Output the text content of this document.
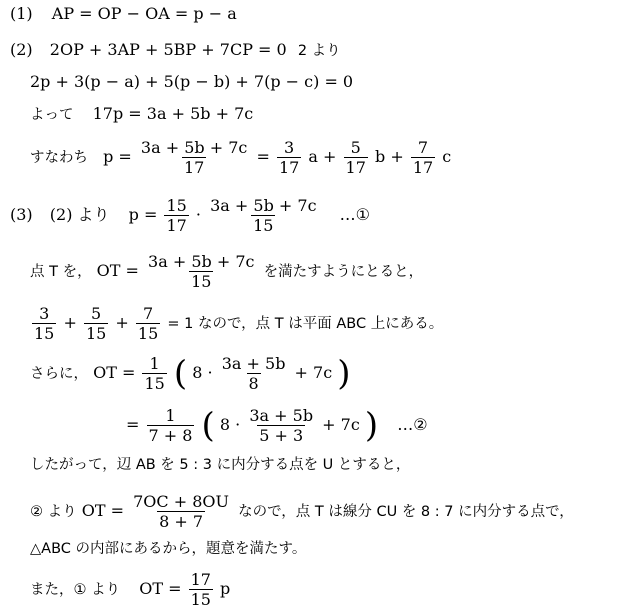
(1) AP = OP − OA = p − a
(2) 2OP + 3AP + 5BP + 7CP = 0 2 より
2p + 3(p − a) + 5(p − b) + 7(p − c) = 0
よって 17p = 3a + 5b + 7c
すなわち $p = \frac{3a + 5b + 7c}{17} = \frac{3}{17}$ $a + \frac{5}{17}$ $b + \frac{7}{17}$ c
(3) (2) より $p = \frac{15}{17} \cdot \frac{3a + 5b + 7c}{15}$ …①
点 T を， OT = $\frac{3a + 5b + 7c}{15}$ を満たすようにとると，
$\frac{3}{15} + \frac{5}{15} + \frac{7}{15} = 1$ なので，点 T は平面 ABC 上にある。
さらに， OT = $\frac{1}{15}$ ( $8 \cdot \frac{3a + 5b}{8} + 7c$ )
= $\frac{1}{7 + 8}$ ( $8 \cdot \frac{3a + 5b}{5 + 3} + 7c$ ) …②
したがって，辺 AB を 5 : 3 に内分する点を U とすると，
② より OT = $\frac{7OC + 8OU}{8 + 7}$ なので，点 T は線分 CU を 8 : 7 に内分する点で，
△ABC の内部にあるから，題意を満たす。
また，① より OT = $\frac{17}{15}$ p
